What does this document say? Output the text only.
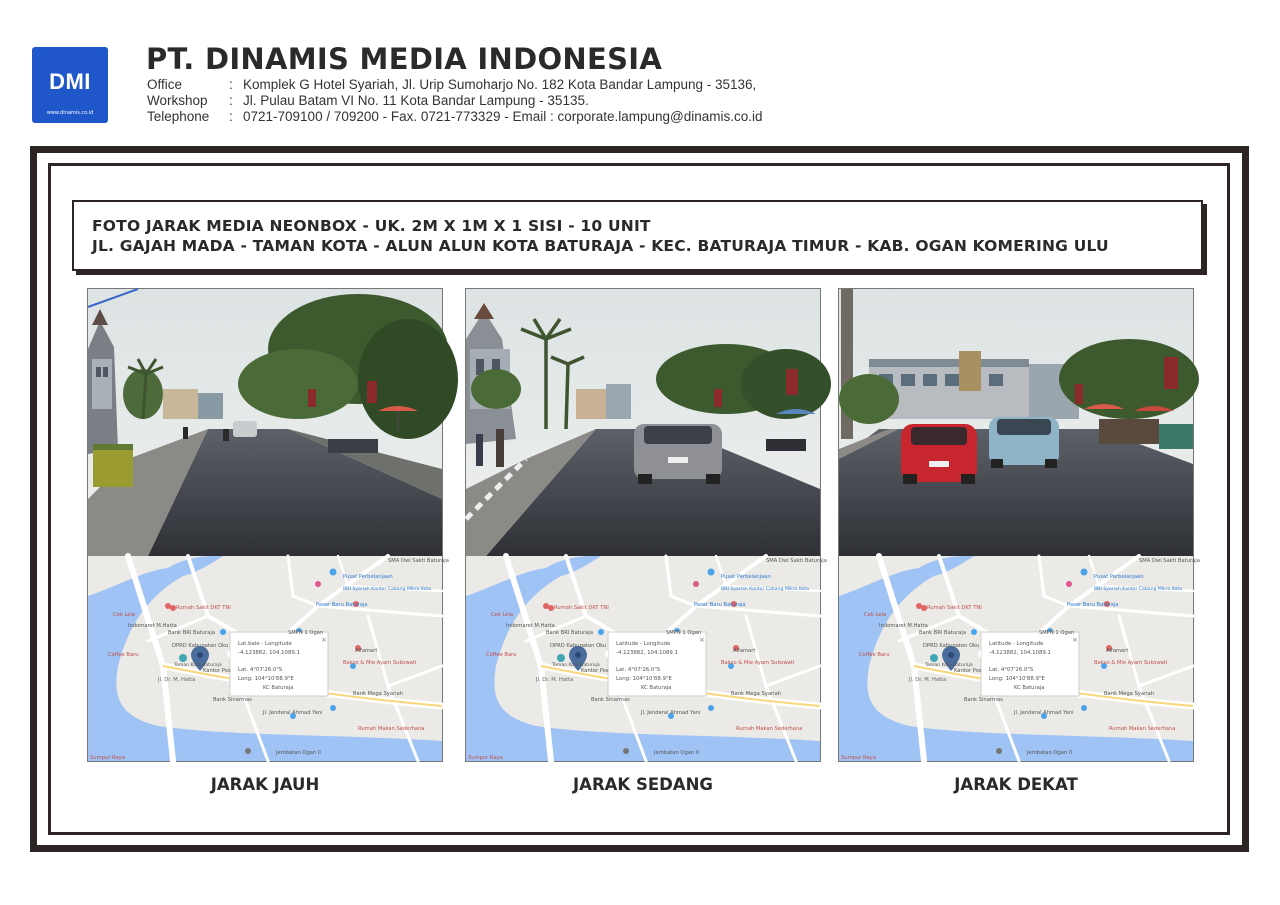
DMI
www.dinamis.co.id
PT. DINAMIS MEDIA INDONESIA
Office	: Komplek G Hotel Syariah, Jl. Urip Sumoharjo No. 182 Kota Bandar Lampung - 35136,
Workshop	: Jl. Pulau Batam VI No. 11 Kota Bandar Lampung - 35135.
Telephone	: 0721-709100 / 709200 - Fax. 0721-773329 - Email : corporate.lampung@dinamis.co.id
FOTO JARAK MEDIA NEONBOX - UK. 2M X 1M X 1 SISI - 10 UNIT
JL. GAJAH MADA - TAMAN KOTA - ALUN ALUN KOTA BATURAJA - KEC. BATURAJA TIMUR - KAB. OGAN KOMERING ULU
SMA Dwi Sakti Baturaja
Pusat Perbelanjaan
Rumah Sakit DKT TNI	Pasar Baru Baturaja
Indomaret M.Hatta
Bank BRI Baturaja	SMPN 1 Ogan
DPRD Kabupaten Oku
Taman Kota Baturaja
Alfamart
Bank Mega Syariah
Bank Sinarmas
Rumah Makan Sederhana
KC Baturaja
Jembatan Ogan II
Sumpur Raya
Jl. Jenderal Ahmad Yani
Kantor Pos
Bakso & Mie Ayam Sukowati
BNI Syariah Kantor Cabang Mikro Kota
Coffee Baru
Cek Lela
Jl. Dr. M. Hatta
Lat.bale - Longitude
-4.123882, 104.1089.1
Lat. 4°07'26.0"S
Long: 104°10'88.9"E
JARAK JAUH
SMA Dwi Sakti Baturaja
Pusat Perbelanjaan
Rumah Sakit DKT TNI	Pasar Baru Baturaja
Indomaret M.Hatta
Bank BRI Baturaja	SMPN 1 Ogan
DPRD Kabupaten Oku
Taman Kota Baturaja
Alfamart
Bank Mega Syariah
Bank Sinarmas
Rumah Makan Sederhana
KC Baturaja
Jembatan Ogan II
Sumpur Raya
Jl. Jenderal Ahmad Yani
Kantor Pos
Bakso & Mie Ayam Sukowati
BNI Syariah Kantor Cabang Mikro Kota
Coffee Baru
Cek Lela
Jl. Dr. M. Hatta
Latitude - Longitude
-4.123882, 104.1089.1
Lat. 4°07'26.0"S
Long: 104°10'88.9"E
JARAK SEDANG
SMA Dwi Sakti Baturaja
Pusat Perbelanjaan
Rumah Sakit DKT TNI	Pasar Baru Baturaja
Indomaret M.Hatta
Bank BRI Baturaja	SMPN 1 Ogan
DPRD Kabupaten Oku
Taman Kota Baturaja
Alfamart
Bank Mega Syariah
Bank Sinarmas
Rumah Makan Sederhana
KC Baturaja
Jembatan Ogan II
Sumpur Raya
Jl. Jenderal Ahmad Yani
Kantor Pos
Bakso & Mie Ayam Sukowati
BNI Syariah Kantor Cabang Mikro Kota
Coffee Baru
Cek Lela
Jl. Dr. M. Hatta
Latitude - Longitude
-4.123882, 104.1089.1
Lat. 4°07'26.0"S
Long: 104°10'88.9"E
JARAK DEKAT
